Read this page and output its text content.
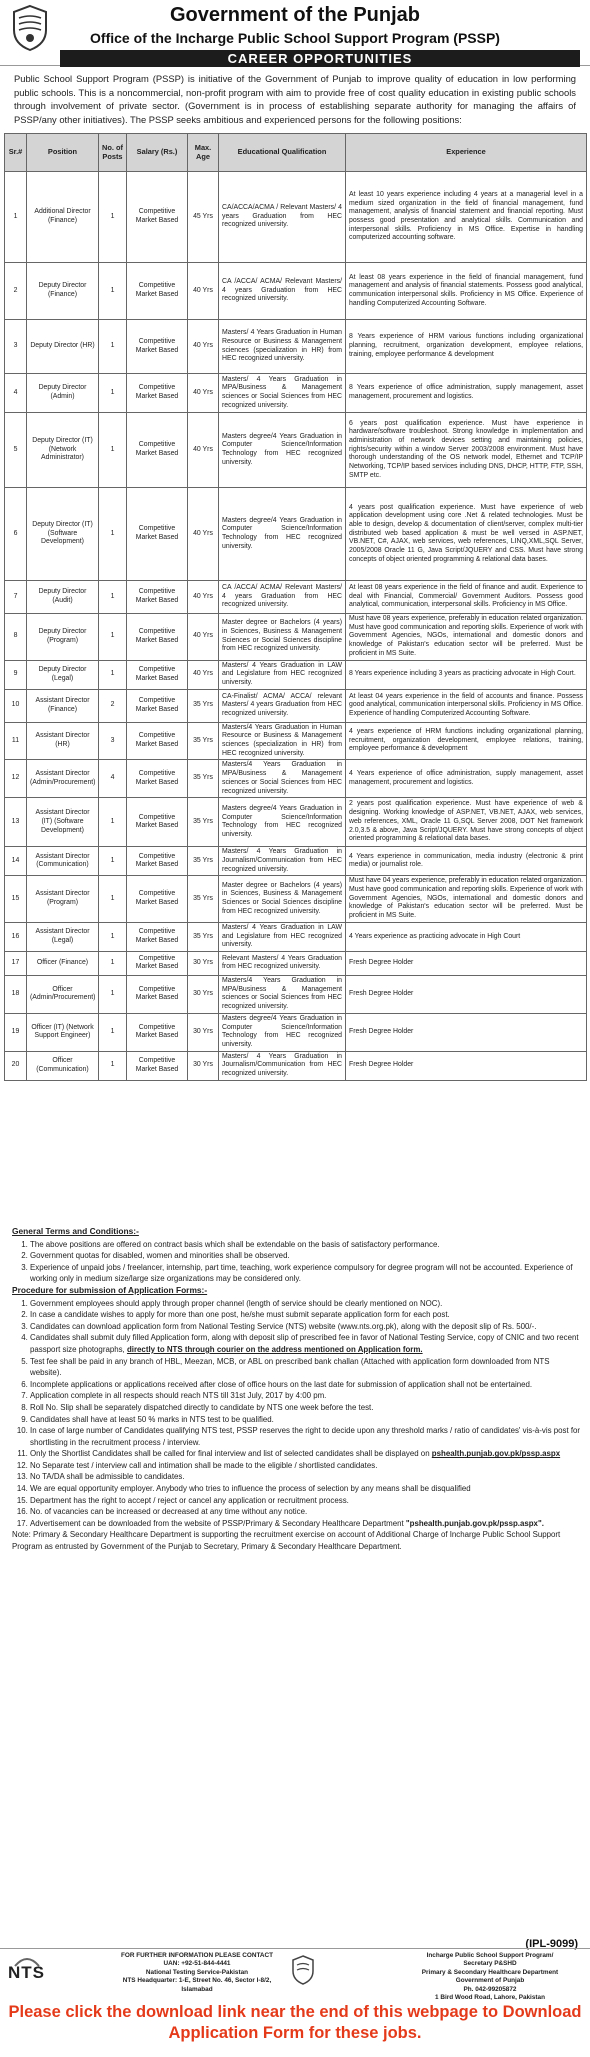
Government of the Punjab
Office of the Incharge Public School Support Program (PSSP)
CAREER OPPORTUNITIES

Public School Support Program (PSSP) is initiative of the Government of Punjab to improve quality of education in low performing public schools. This is a noncommercial, non-profit program with aim to provide free of cost quality education in existing public schools through involvement of private sector. (Government is in process of establishing separate authority for managing the affairs of PSSP/any other initiatives). The PSSP seeks ambitious and experienced persons for the following positions:

Sr.#	Position	No. of Posts	Salary (Rs.)	Max. Age	Educational Qualification	Experience
1	Additional Director (Finance)	1	Competitive Market Based	45 Yrs	CA/ACCA/ACMA / Relevant Masters/ 4 years Graduation from HEC recognized university.	At least 10 years experience including 4 years at a managerial level in a medium sized organization in the field of financial management, fund management, analysis of financial statement and financial reporting. Must possess good presentation and analytical skills. Communication and interpersonal skills. Proficiency in MS Office. Expertise in handling computerized accounting software.
2	Deputy Director (Finance)	1	Competitive Market Based	40 Yrs	CA /ACCA/ ACMA/ Relevant Masters/ 4 years Graduation from HEC recognized university.	At least 08 years experience in the field of financial management, fund management and analysis of financial statements. Possess good analytical, communication interpersonal skills. Proficiency in MS Office. Experience of handling Computerized Accounting Software.
3	Deputy Director (HR)	1	Competitive Market Based	40 Yrs	Masters/ 4 Years Graduation in Human Resource or Business & Management sciences (specialization in HR) from HEC recognized university.	8 Years experience of HRM various functions including organizational planning, recruitment, organization development, employee relations, training, employee performance & development
4	Deputy Director (Admin)	1	Competitive Market Based	40 Yrs	Masters/ 4 Years Graduation in MPA/Business & Management sciences or Social Sciences from HEC recognized university.	8 Years experience of office administration, supply management, asset management, procurement and logistics.
5	Deputy Director (IT) (Network Administrator)	1	Competitive Market Based	40 Yrs	Masters degree/4 Years Graduation in Computer Science/Information Technology from HEC recognized university.	6 years post qualification experience. Must have experience in hardware/software troubleshoot. Strong knowledge in implementation and administration of network devices setting and maintaining policies, rights/security within a window Server 2003/2008 environment. Must have thorough understanding of the OS network model, Ethernet and TCP/IP Networking, TCP/IP based services including DNS, DHCP, HTTP, FTP, SSH, SMTP etc.
6	Deputy Director (IT) (Software Development)	1	Competitive Market Based	40 Yrs	Masters degree/4 Years Graduation in Computer Science/Information Technology from HEC recognized university.	4 years post qualification experience. Must have experience of web application development using core .Net & related technologies. Must be able to design, develop & documentation of client/server, complex multi-tier distributed web based application & must be well versed in ASP.NET, VB.NET, C#, AJAX, web services, web references, LINQ,XML,SQL Server, 2005/2008 Oracle 11 G, Java Script/JQUERY and CSS. Must have strong concepts of object oriented programming & relational data bases.
7	Deputy Director (Audit)	1	Competitive Market Based	40 Yrs	CA /ACCA/ ACMA/ Relevant Masters/ 4 years Graduation from HEC recognized university.	At least 08 years experience in the field of finance and audit. Experience to deal with Financial, Commercial/ Government Auditors. Possess good analytical, communication, interpersonal skills. Proficiency in MS Office.
8	Deputy Director (Program)	1	Competitive Market Based	40 Yrs	Master degree or Bachelors (4 years) in Sciences, Business & Management Sciences or Social Sciences discipline from HEC recognized university.	Must have 08 years experience, preferably in education related organization. Must have good communication and reporting skills. Experience of work with Government Agencies, NGOs, international and domestic donors and knowledge of Pakistan's education sector will be preferred. Must be proficient in MS Suite.
9	Deputy Director (Legal)	1	Competitive Market Based	40 Yrs	Masters/ 4 Years Graduation in LAW and Legislature from HEC recognized university.	8 Years experience including 3 years as practicing advocate in High Court.
10	Assistant Director (Finance)	2	Competitive Market Based	35 Yrs	CA-Finalist/ ACMA/ ACCA/ relevant Masters/ 4 years Graduation from HEC recognized university.	At least 04 years experience in the field of accounts and finance. Possess good analytical, communication interpersonal skills. Proficiency in MS Office. Experience of handling Computerized Accounting Software.
11	Assistant Director (HR)	3	Competitive Market Based	35 Yrs	Masters/4 Years Graduation in Human Resource or Business & Management sciences (specialization in HR) from HEC recognized university.	4 years experience of HRM functions including organizational planning, recruitment, organization development, employee relations, training, employee performance & development
12	Assistant Director (Admin/Procurement)	4	Competitive Market Based	35 Yrs	Masters/4 Years Graduation in MPA/Business & Management sciences or Social Sciences from HEC recognized university.	4 Years experience of office administration, supply management, asset management, procurement and logistics.
13	Assistant Director (IT) (Software Development)	1	Competitive Market Based	35 Yrs	Masters degree/4 Years Graduation in Computer Science/Information Technology from HEC recognized university.	2 years post qualification experience. Must have experience of web & designing. Working knowledge of ASP.NET, VB.NET, AJAX, web services, web references, XML, Oracle 11 G,SQL Server 2008, DOT Net framework 2.0,3.5 & above, Java Script/JQUERY. Must have strong concepts of object oriented programming & relational data bases.
14	Assistant Director (Communication)	1	Competitive Market Based	35 Yrs	Masters/ 4 Years Graduation in Journalism/Communication from HEC recognized university.	4 Years experience in communication, media industry (electronic & print media) or journalist role.
15	Assistant Director (Program)	1	Competitive Market Based	35 Yrs	Master degree or Bachelors (4 years) in Sciences, Business & Management Sciences or Social Sciences discipline from HEC recognized university.	Must have 04 years experience, preferably in education related organization. Must have good communication and reporting skills. Experience of work with Government Agencies, NGOs, international and domestic donors and knowledge of Pakistan's education sector will be preferred. Must be proficient in MS Suite.
16	Assistant Director (Legal)	1	Competitive Market Based	35 Yrs	Masters/ 4 Years Graduation in LAW and Legislature from HEC recognized university.	4 Years experience as practicing advocate in High Court
17	Officer (Finance)	1	Competitive Market Based	30 Yrs	Relevant Masters/ 4 Years Graduation from HEC recognized university.	Fresh Degree Holder
18	Officer (Admin/Procurement)	1	Competitive Market Based	30 Yrs	Masters/4 Years Graduation in MPA/Business & Management sciences or Social Sciences from HEC recognized university.	Fresh Degree Holder
19	Officer (IT) (Network Support Engineer)	1	Competitive Market Based	30 Yrs	Masters degree/4 Years Graduation in Computer Science/Information Technology from HEC recognized university.	Fresh Degree Holder
20	Officer (Communication)	1	Competitive Market Based	30 Yrs	Masters/ 4 Years Graduation in Journalism/Communication from HEC recognized university.	Fresh Degree Holder
General Terms and Conditions:-
1. The above positions are offered on contract basis which shall be extendable on the basis of satisfactory performance.
2. Government quotas for disabled, women and minorities shall be observed.
3. Experience of unpaid jobs / freelancer, internship, part time, teaching, work experience compulsory for degree program will not be accounted. Experience of working only in medium size/large size organizations may be considered only.
Procedure for submission of Application Forms:-
1. Government employees should apply through proper channel (length of service should be clearly mentioned on NOC).
2. In case a candidate wishes to apply for more than one post, he/she must submit separate application form for each post.
3. Candidates can download application form from National Testing Service (NTS) website (www.nts.org.pk), along with the deposit slip of Rs. 500/-.
4. Candidates shall submit duly filled Application form, along with deposit slip of prescribed fee in favor of National Testing Service, copy of CNIC and two recent passport size photographs, directly to NTS through courier on the address mentioned on Application form.
5. Test fee shall be paid in any branch of HBL, Meezan, MCB, or ABL on prescribed bank challan (Attached with application form downloaded from NTS website).
6. Incomplete applications or applications received after close of office hours on the last date for submission of application shall not be entertained.
7. Application complete in all respects should reach NTS till 31st July, 2017 by 4:00 pm.
8. Roll No. Slip shall be separately dispatched directly to candidate by NTS one week before the test.
9. Candidates shall have at least 50 % marks in NTS test to be qualified.
10. In case of large number of Candidates qualifying NTS test, PSSP reserves the right to decide upon any threshold marks / ratio of candidates' vis-à-vis post for shortlisting in the recruitment process / interview.
11. Only the Shortlist Candidates shall be called for final interview and list of selected candidates shall be displayed on pshealth.punjab.gov.pk/pssp.aspx
12. No Separate test / interview call and intimation shall be made to the eligible / shortlisted candidates.
13. No TA/DA shall be admissible to candidates.
14. We are equal opportunity employer. Anybody who tries to influence the process of selection by any means shall be disqualified
15. Department has the right to accept / reject or cancel any application or recruitment process.
16. No. of vacancies can be increased or decreased at any time without any notice.
17. Advertisement can be downloaded from the website of PSSP/Primary & Secondary Healthcare Department "pshealth.punjab.gov.pk/pssp.aspx".

Note: Primary & Secondary Healthcare Department is supporting the recruitment exercise on account of Additional Charge of Incharge Public School Support Program as entrusted by Government of the Punjab to Secretary, Primary & Secondary Healthcare Department.

(IPL-9099)
NTS
FOR FURTHER INFORMATION PLEASE CONTACT
UAN: +92-51-844-4441
National Testing Service-Pakistan
NTS Headquarter: 1-E, Street No. 46, Sector I-8/2,
Islamabad
Incharge Public School Support Program/
Secretary P&SHD
Primary & Secondary Healthcare Department
Government of Punjab
Ph. 042-99205872
1 Bird Wood Road, Lahore, Pakistan
Please click the download link near the end of this webpage to Download Application Form for these jobs.
